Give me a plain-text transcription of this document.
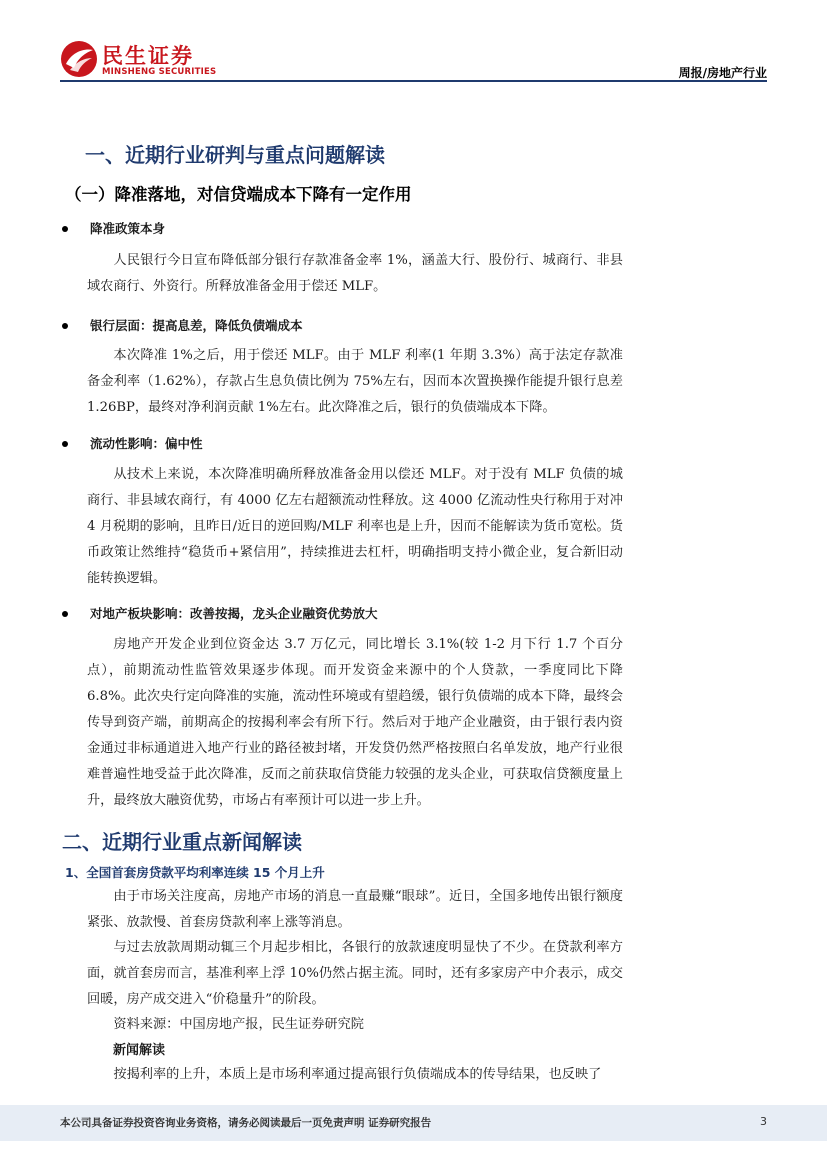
民生证券
MINSHENG SECURITIES	周报/房地产行业
一、近期行业研判与重点问题解读
（一）降准落地，对信贷端成本下降有一定作用
降准政策本身

人民银行今日宣布降低部分银行存款准备金率 1%，涵盖大行、股份行、城商行、非县域农商行、外资行。所释放准备金用于偿还 MLF。

银行层面：提高息差，降低负债端成本

本次降准 1%之后，用于偿还 MLF。由于 MLF 利率(1 年期 3.3%）高于法定存款准备金利率（1.62%），存款占生息负债比例为 75%左右，因而本次置换操作能提升银行息差 1.26BP，最终对净利润贡献 1%左右。此次降准之后，银行的负债端成本下降。

流动性影响：偏中性

从技术上来说，本次降准明确所释放准备金用以偿还 MLF。对于没有 MLF 负债的城商行、非县域农商行，有 4000 亿左右超额流动性释放。这 4000 亿流动性央行称用于对冲 4 月税期的影响，且昨日/近日的逆回购/MLF 利率也是上升，因而不能解读为货币宽松。货币政策让然维持“稳货币+紧信用”，持续推进去杠杆，明确指明支持小微企业，复合新旧动能转换逻辑。

对地产板块影响：改善按揭，龙头企业融资优势放大

房地产开发企业到位资金达 3.7 万亿元，同比增长 3.1%(较 1-2 月下行 1.7 个百分点），前期流动性监管效果逐步体现。而开发资金来源中的个人贷款，一季度同比下降 6.8%。此次央行定向降准的实施，流动性环境或有望趋缓，银行负债端的成本下降，最终会传导到资产端，前期高企的按揭利率会有所下行。然后对于地产企业融资，由于银行表内资金通过非标通道进入地产行业的路径被封堵，开发贷仍然严格按照白名单发放，地产行业很难普遍性地受益于此次降准，反而之前获取信贷能力较强的龙头企业，可获取信贷额度量上升，最终放大融资优势，市场占有率预计可以进一步上升。

二、近期行业重点新闻解读
1、全国首套房贷款平均利率连续 15 个月上升

由于市场关注度高，房地产市场的消息一直最赚“眼球”。近日，全国多地传出银行额度紧张、放款慢、首套房贷款利率上涨等消息。

与过去放款周期动辄三个月起步相比，各银行的放款速度明显快了不少。在贷款利率方面，就首套房而言，基准利率上浮 10%仍然占据主流。同时，还有多家房产中介表示，成交回暖，房产成交进入“价稳量升”的阶段。

资料来源：中国房地产报，民生证券研究院
新闻解读
按揭利率的上升，本质上是市场利率通过提高银行负债端成本的传导结果，也反映了
本公司具备证券投资咨询业务资格，请务必阅读最后一页免责声明 证券研究报告	3
